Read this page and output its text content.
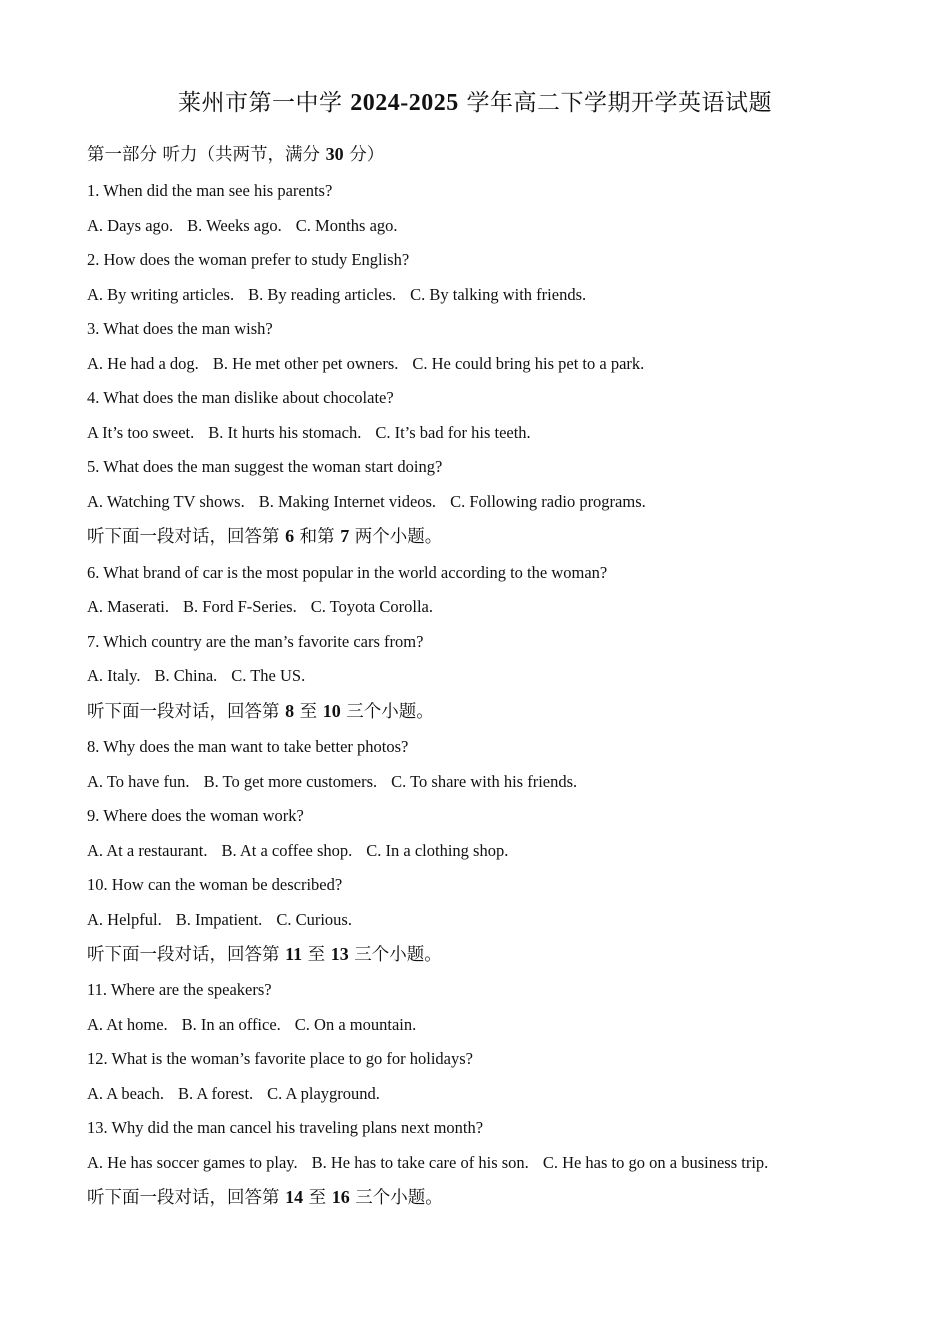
莱州市第一中学 2024-2025 学年高二下学期开学英语试题
第一部分 听力（共两节，满分 30 分）
1. When did the man see his parents?
A. Days ago. B. Weeks ago. C. Months ago.
2. How does the woman prefer to study English?
A. By writing articles. B. By reading articles. C. By talking with friends.
3. What does the man wish?
A. He had a dog. B. He met other pet owners. C. He could bring his pet to a park.
4. What does the man dislike about chocolate?
A It’s too sweet. B. It hurts his stomach. C. It’s bad for his teeth.
5. What does the man suggest the woman start doing?
A. Watching TV shows. B. Making Internet videos. C. Following radio programs.
听下面一段对话，回答第 6 和第 7 两个小题。
6. What brand of car is the most popular in the world according to the woman?
A. Maserati. B. Ford F-Series. C. Toyota Corolla.
7. Which country are the man’s favorite cars from?
A. Italy. B. China. C. The US.
听下面一段对话，回答第 8 至 10 三个小题。
8. Why does the man want to take better photos?
A. To have fun. B. To get more customers. C. To share with his friends.
9. Where does the woman work?
A. At a restaurant. B. At a coffee shop. C. In a clothing shop.
10. How can the woman be described?
A. Helpful. B. Impatient. C. Curious.
听下面一段对话，回答第 11 至 13 三个小题。
11. Where are the speakers?
A. At home. B. In an office. C. On a mountain.
12. What is the woman’s favorite place to go for holidays?
A. A beach. B. A forest. C. A playground.
13. Why did the man cancel his traveling plans next month?
A. He has soccer games to play. B. He has to take care of his son. C. He has to go on a business trip.
听下面一段对话，回答第 14 至 16 三个小题。
